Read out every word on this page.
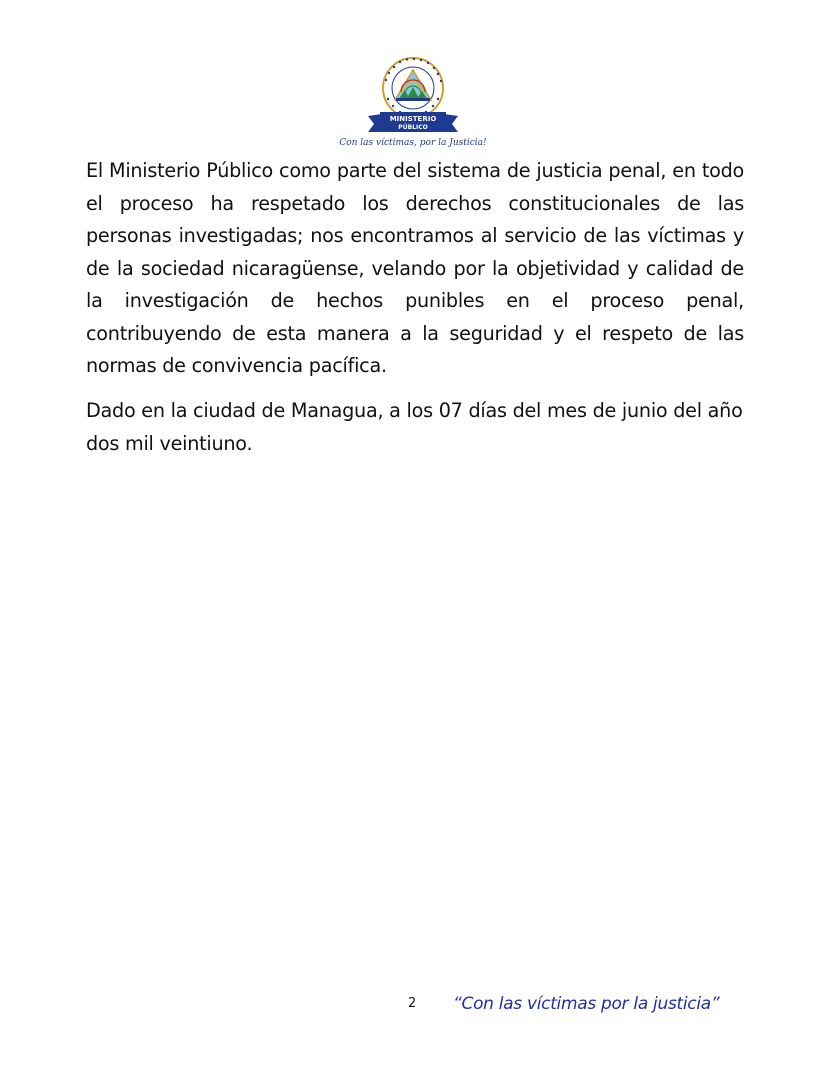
MINISTERIO
PÚBLICO
Con las víctimas, por la Justicia!

El Ministerio Público como parte del sistema de justicia penal, en todo el proceso ha respetado los derechos constitucionales de las personas investigadas; nos encontramos al servicio de las víctimas y de la sociedad nicaragüense, velando por la objetividad y calidad de la investigación de hechos punibles en el proceso penal, contribuyendo de esta manera a la seguridad y el respeto de las normas de convivencia pacífica.

Dado en la ciudad de Managua, a los 07 días del mes de junio del año dos mil veintiuno.

2 “Con las víctimas por la justicia”
